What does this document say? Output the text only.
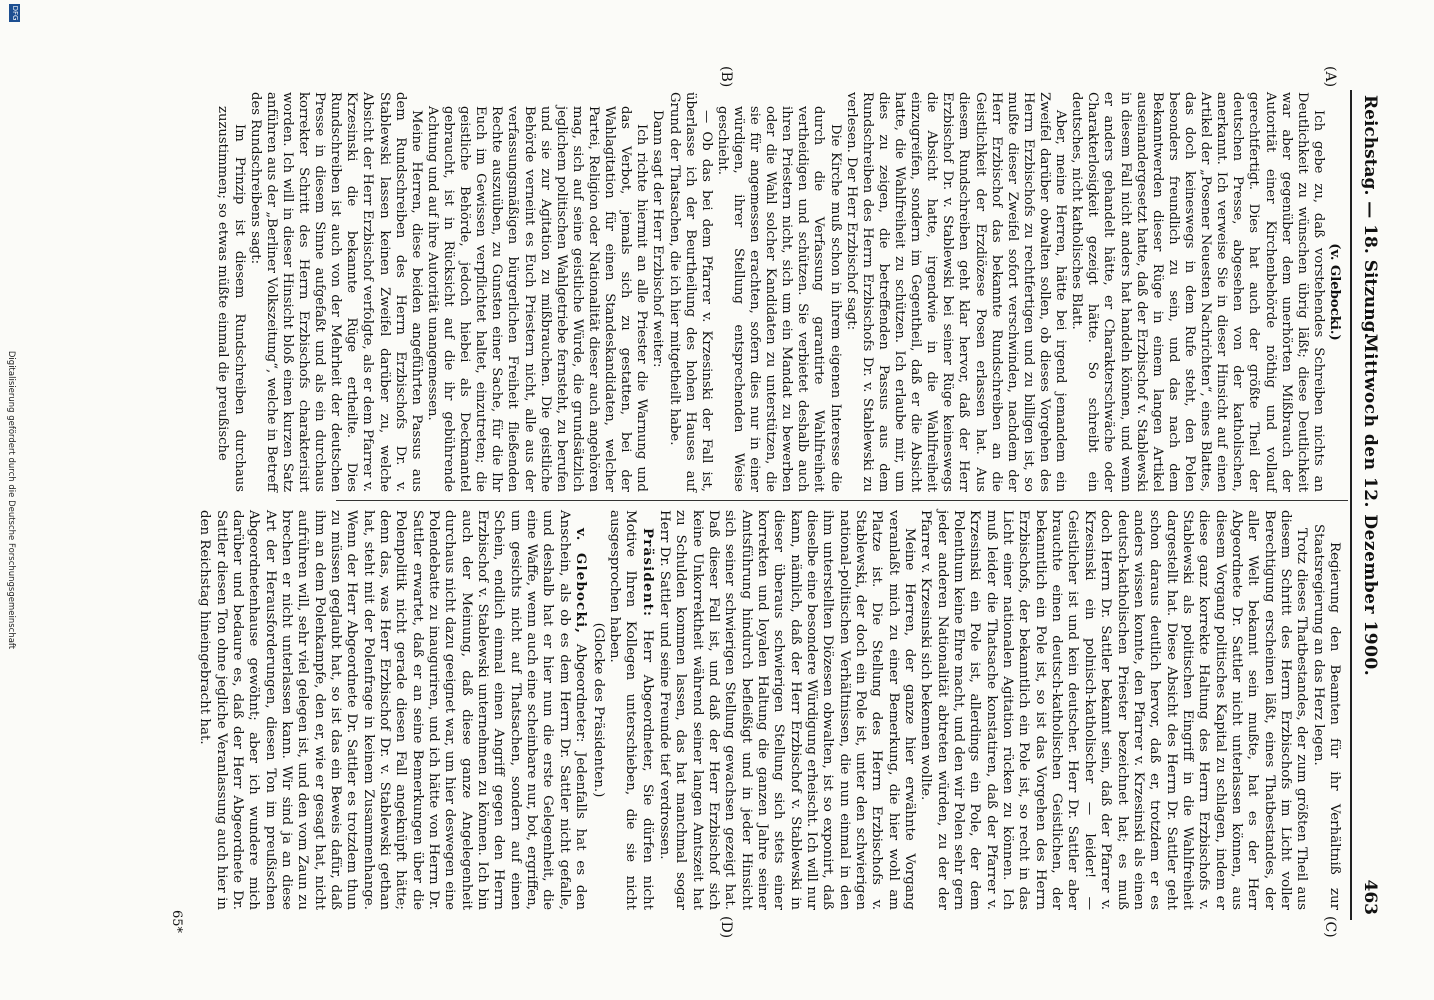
Reichstag. — 18. Sitzung.
Mittwoch den 12. Dezember 1900.
463
(A)
(B)
(C)
(D)

(v. Glebocki.)

Ich gebe zu, daß vorstehendes Schreiben nichts an Deutlichkeit zu wünschen übrig läßt; diese Deutlichkeit war aber gegenüber dem unerhörten Mißbrauch der Autorität einer Kirchenbehörde nöthig und vollauf gerechtfertigt. Dies hat auch der größte Theil der deutschen Presse, abgesehen von der katholischen, anerkannt. Ich verweise Sie in dieser Hinsicht auf einen Artikel der „Posener Neuesten Nachrichten“, eines Blattes, das doch keineswegs in dem Rufe steht, den Polen besonders freundlich zu sein, und das nach dem Bekanntwerden dieser Rüge in einem langen Artikel auseinandergesetzt hatte, daß der Erzbischof v. Stablewski in diesem Fall nicht anders hat handeln können, und wenn er anders gehandelt hätte, er Charakterschwäche oder Charakterlosigkeit gezeigt hätte. So schreibt ein deutsches, nicht katholisches Blatt.

Aber, meine Herren, hätte bei irgend jemandem ein Zweifel darüber obwalten sollen, ob dieses Vorgehen des Herrn Erzbischofs zu rechtfertigen und zu billigen ist, so mußte dieser Zweifel sofort verschwinden, nachdem der Herr Erzbischof das bekannte Rundschreiben an die Geistlichkeit der Erzdiözese Posen erlassen hat. Aus diesem Rundschreiben geht klar hervor, daß der Herr Erzbischof Dr. v. Stablewski bei seiner Rüge keineswegs die Absicht hatte, irgendwie in die Wahlfreiheit einzugreifen, sondern im Gegentheil, daß er die Absicht hatte, die Wahlfreiheit zu schützen. Ich erlaube mir, um dies zu zeigen, die betreffenden Passus aus dem Rundschreiben des Herrn Erzbischofs Dr. v. Stablewski zu verlesen. Der Herr Erzbischof sagt:

Die Kirche muß schon in ihrem eigenen Interesse die durch die Verfassung garantirte Wahlfreiheit vertheidigen und schützen. Sie verbietet deshalb auch ihren Priestern nicht, sich um ein Mandat zu bewerben oder die Wahl solcher Kandidaten zu unterstützen, die sie für angemessen erachten, sofern dies nur in einer würdigen, ihrer Stellung entsprechenden Weise geschieht.

— Ob das bei dem Pfarrer v. Krzesinski der Fall ist, überlasse ich der Beurtheilung des hohen Hauses auf Grund der Thatsachen, die ich hier mitgetheilt habe.

Dann sagt der Herr Erzbischof weiter:

Ich richte hiermit an alle Priester die Warnung und das Verbot, jemals sich zu gestatten, bei der Wahlagitation für einen Standeskandidaten, welcher Partei, Religion oder Nationalität dieser auch angehören mag, sich auf seine geistliche Würde, die grundsätzlich jeglichem politischen Wahlgetriebe fernsteht, zu berufen und sie zur Agitation zu mißbrauchen. Die geistliche Behörde verneint es Euch Priestern nicht, alle aus der verfassungsmäßigen bürgerlichen Freiheit fließenden Rechte auszuüben, zu Gunsten einer Sache, für die Ihr Euch im Gewissen verpflichtet haltet, einzutreten; die geistliche Behörde, jedoch hiebei als Deckmantel gebraucht, ist in Rücksicht auf die ihr gebührende Achtung und auf ihre Autorität unangemessen.

Meine Herren, diese beiden angeführten Passus aus dem Rundschreiben des Herrn Erzbischofs Dr. v. Stablewski lassen keinen Zweifel darüber zu, welche Absicht der Herr Erzbischof verfolgte, als er dem Pfarrer v. Krzesinski die bekannte Rüge ertheilte. Dies Rundschreiben ist auch von der Mehrheit der deutschen Presse in diesem Sinne aufgefaßt und als ein durchaus korrekter Schritt des Herrn Erzbischofs charakterisirt worden. Ich will in dieser Hinsicht bloß einen kurzen Satz anführen aus der „Berliner Volkszeitung“, welche in Betreff des Rundschreibens sagt:

Im Prinzip ist diesem Rundschreiben durchaus zuzustimmen; so etwas müßte einmal die preußische

Regierung den Beamten für ihr Verhältniß zur Staatsregierung an das Herz legen.

Trotz dieses Thatbestandes, der zum größten Theil aus diesem Schritt des Herrn Erzbischofs im Licht voller Berechtigung erscheinen läßt, eines Thatbestandes, der aller Welt bekannt sein mußte, hat es der Herr Abgeordnete Dr. Sattler nicht unterlassen können, aus diesem Vorgang politisches Kapital zu schlagen, indem er diese ganz korrekte Haltung des Herrn Erzbischofs v. Stablewski als politischen Eingriff in die Wahlfreiheit dargestellt hat. Diese Absicht des Herrn Dr. Sattler geht schon daraus deutlich hervor, daß er, trotzdem er es anders wissen konnte, den Pfarrer v. Krzesinski als einen deutsch-katholischen Priester bezeichnet hat; es muß doch Herrn Dr. Sattler bekannt sein, daß der Pfarrer v. Krzesinski ein polnisch-katholischer — leider! — Geistlicher ist und kein deutscher. Herr Dr. Sattler aber brauchte einen deutsch-katholischen Geistlichen, der bekanntlich ein Pole ist, so ist das Vorgehen des Herrn Erzbischofs, der bekanntlich ein Pole ist, so recht in das Licht einer nationalen Agitation rücken zu können. Ich muß leider die Thatsache konstatiren, daß der Pfarrer v. Krzesinski ein Pole ist, allerdings ein Pole, der dem Polenthum keine Ehre macht, und den wir Polen sehr gern jeder anderen Nationalität abtreten würden, zu der der Pfarrer v. Krzesinski sich bekennen wollte.

Meine Herren, der ganze hier erwähnte Vorgang veranlaßt mich zu einer Bemerkung, die hier wohl am Platze ist. Die Stellung des Herrn Erzbischofs v. Stablewski, der doch ein Pole ist, unter den schwierigen national-politischen Verhältnissen, die nun einmal in den ihm unterstellten Diözesen obwalten, ist so exponirt, daß dieselbe eine besondere Würdigung erheischt. Ich will nur kann, nämlich, daß der Herr Erzbischof v. Stablewski in dieser überaus schwierigen Stellung sich stets einer korrekten und loyalen Haltung die ganzen Jahre seiner Amtsführung hindurch befleißigt und in jeder Hinsicht sich seiner schwierigen Stellung gewachsen gezeigt hat. Daß dieser Fall ist, und daß der Herr Erzbischof sich keine Unkorrektheit während seiner langen Amtszeit hat zu Schulden kommen lassen, das hat manchmal sogar Herr Dr. Sattler und seine Freunde tief verdrossen.

Präsident: Herr Abgeordneter, Sie dürfen nicht Motive Ihren Kollegen unterschieben, die sie nicht ausgesprochen haben.

(Glocke des Präsidenten.)

v. Glebocki, Abgeordneter: Jedenfalls hat es den Anschein, als ob es dem Herrn Dr. Sattler nicht gefalle, und deshalb hat er hier nun die erste Gelegenheit, die eine Waffe, wenn auch eine scheinbare nur, bot, ergriffen, um gesichts nicht auf Thatsachen, sondern auf einen Schein, endlich einmal einen Angriff gegen den Herrn Erzbischof v. Stablewski unternehmen zu können. Ich bin auch der Meinung, daß diese ganze Angelegenheit durchaus nicht dazu geeignet war, um hier deswegen eine Polendebatte zu inauguriren, und ich hätte von Herrn Dr. Sattler erwartet, daß er an seine Bemerkungen über die Polenpolitik nicht gerade diesen Fall angeknüpft hätte; denn das, was Herr Erzbischof Dr. v. Stablewski gethan hat, steht mit der Polenfrage in keinem Zusammenhange. Wenn der Herr Abgeordnete Dr. Sattler es trotzdem thun zu müssen geglaubt hat, so ist das ein Beweis dafür, daß ihm an dem Polenkampfe, den er, wie er gesagt hat, nicht aufrühren will, sehr viel gelegen ist, und den vom Zaun zu brechen er nicht unterlassen kann. Wir sind ja an diese Art der Herausforderungen, diesen Ton im preußischen Abgeordnetenhause gewöhnt; aber ich wundere mich darüber und bedaure es, daß der Herr Abgeordnete Dr. Sattler diesen Ton ohne jegliche Veranlassung auch hier in den Reichstag hineingebracht hat.

65*
DFG
Digitalisierung gefördert durch die Deutsche Forschungsgemeinschaft
